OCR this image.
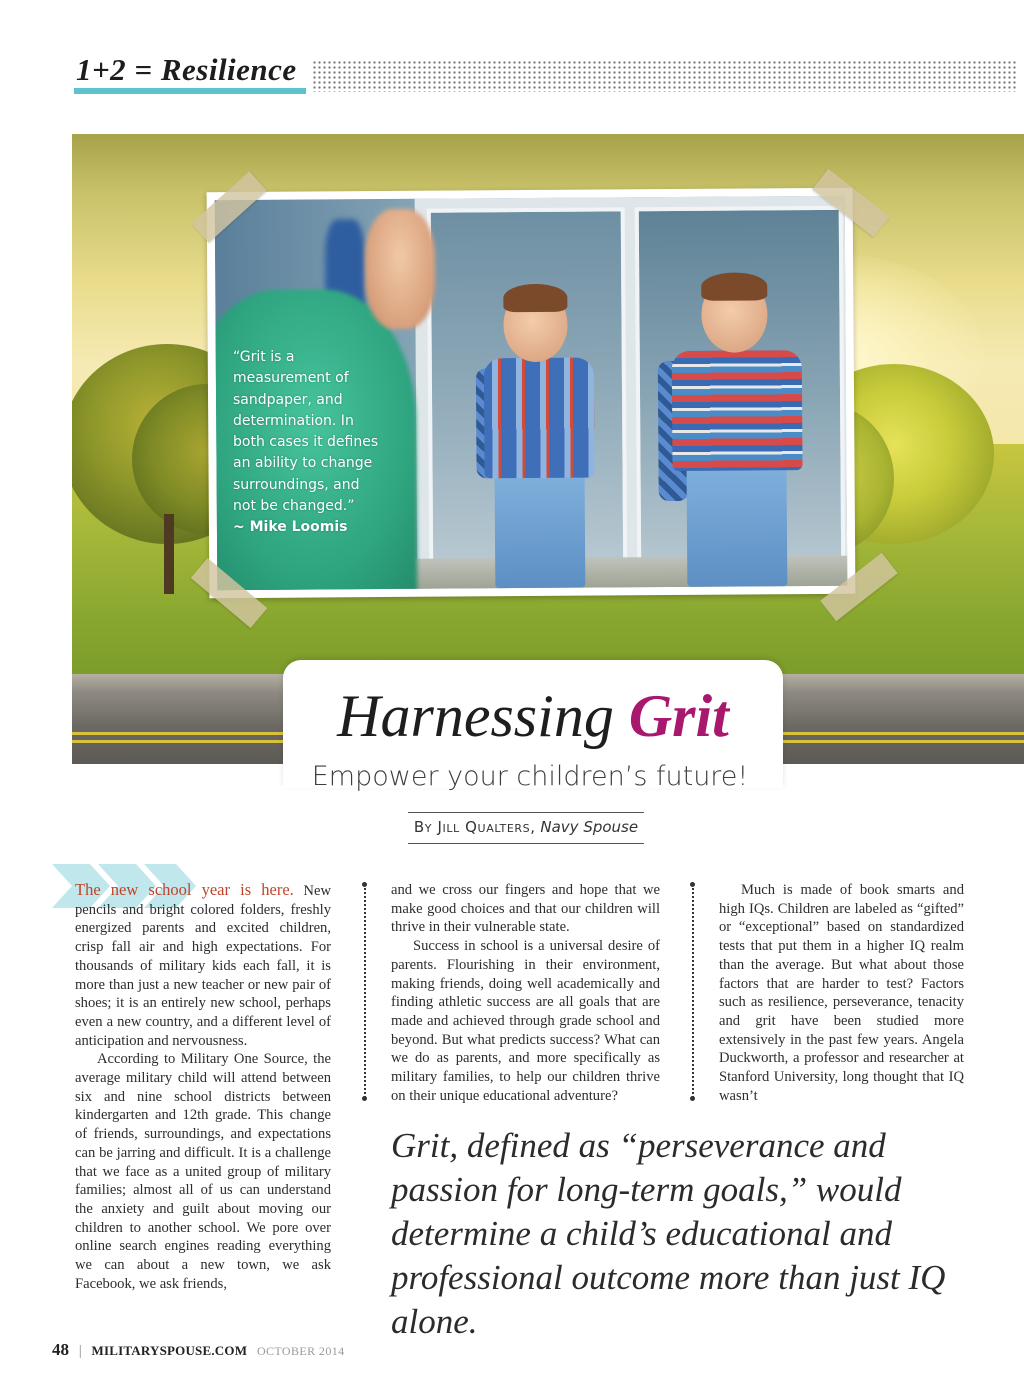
1+2 = Resilience
“Grit is a measurement of sandpaper, and determination. In both cases it defines an ability to change surroundings, and not be changed.”
~ Mike Loomis
Harnessing Grit
Empower your children’s future!
By Jill Qualters, Navy Spouse

The new school year is here. New pencils and bright colored folders, freshly energized parents and excited children, crisp fall air and high expectations. For thousands of military kids each fall, it is more than just a new teacher or new pair of shoes; it is an entirely new school, perhaps even a new country, and a different level of anticipation and nervousness.

According to Military One Source, the average military child will attend between six and nine school districts between kindergarten and 12th grade. This change of friends, surroundings, and expectations can be jarring and difficult. It is a challenge that we face as a united group of military families; almost all of us can understand the anxiety and guilt about moving our children to another school. We pore over online search engines reading everything we can about a new town, we ask Facebook, we ask friends,

and we cross our fingers and hope that we make good choices and that our children will thrive in their vulnerable state.

Success in school is a universal desire of parents. Flourishing in their environment, making friends, doing well academically and finding athletic success are all goals that are made and achieved through grade school and beyond. But what predicts success? What can we do as parents, and more specifically as military families, to help our children thrive on their unique educational adventure?

Much is made of book smarts and high IQs. Children are labeled as “gifted” or “exceptional” based on standardized tests that put them in a higher IQ realm than the average. But what about those factors that are harder to test? Factors such as resilience, perseverance, tenacity and grit have been studied more extensively in the past few years. Angela Duckworth, a professor and researcher at Stanford University, long thought that IQ wasn’t

Grit, defined as “perseverance and passion for long-term goals,” would determine a child’s educational and professional outcome more than just IQ alone.
48 | MILITARYSPOUSE.COM OCTOBER 2014
